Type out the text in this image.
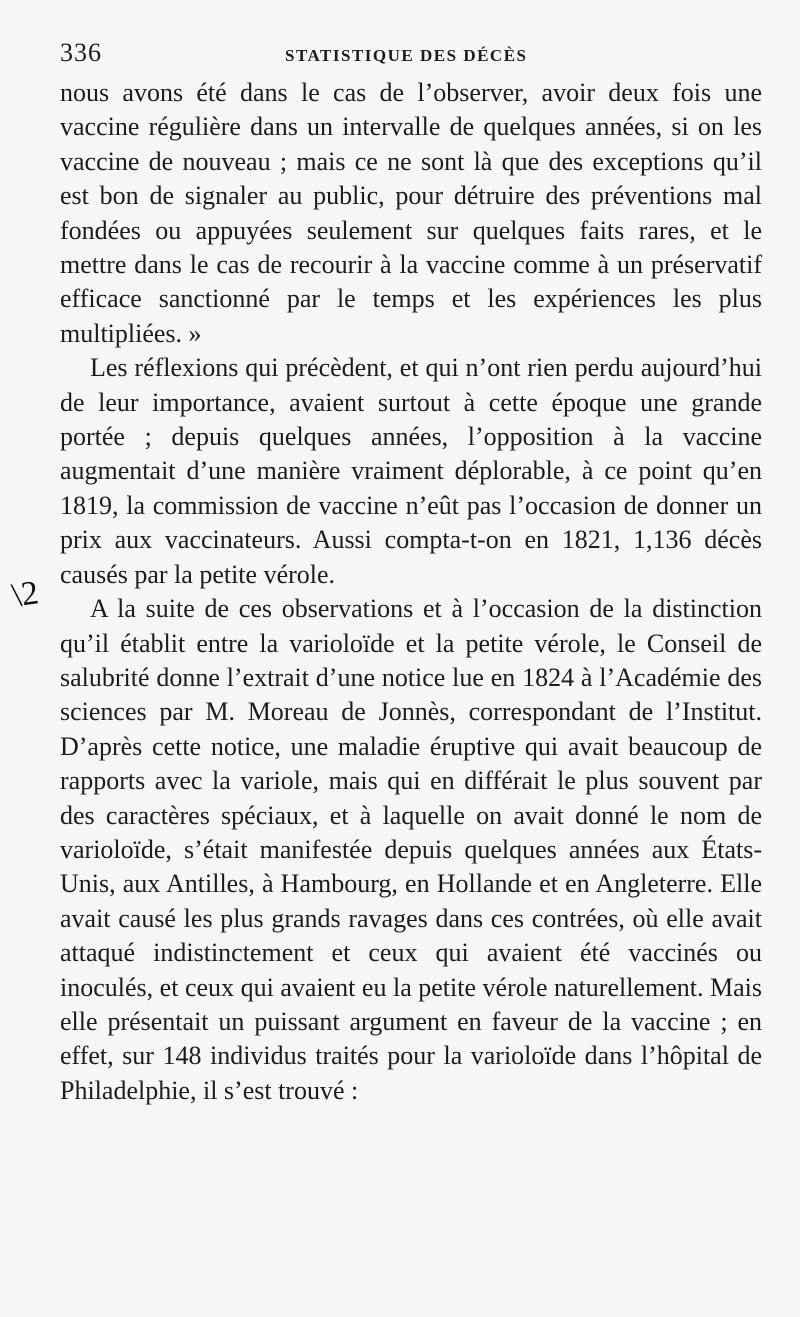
336	STATISTIQUE DES DÉCÈS
\2

nous avons été dans le cas de l’observer, avoir deux fois une vaccine régulière dans un intervalle de quelques années, si on les vaccine de nouveau ; mais ce ne sont là que des exceptions qu’il est bon de signaler au public, pour détruire des préventions mal fondées ou appuyées seulement sur quelques faits rares, et le mettre dans le cas de recourir à la vaccine comme à un préservatif efficace sanctionné par le temps et les expériences les plus multipliées. »

Les réflexions qui précèdent, et qui n’ont rien perdu aujourd’hui de leur importance, avaient surtout à cette époque une grande portée ; depuis quelques années, l’opposition à la vaccine augmentait d’une manière vraiment déplorable, à ce point qu’en 1819, la commission de vaccine n’eût pas l’occasion de donner un prix aux vaccinateurs. Aussi compta-t-on en 1821, 1,136 décès causés par la petite vérole.

A la suite de ces observations et à l’occasion de la distinction qu’il établit entre la varioloïde et la petite vérole, le Conseil de salubrité donne l’extrait d’une notice lue en 1824 à l’Académie des sciences par M. Moreau de Jonnès, correspondant de l’Institut. D’après cette notice, une maladie éruptive qui avait beaucoup de rapports avec la variole, mais qui en différait le plus souvent par des caractères spéciaux, et à laquelle on avait donné le nom de varioloïde, s’était manifestée depuis quelques années aux États-Unis, aux Antilles, à Hambourg, en Hollande et en Angleterre. Elle avait causé les plus grands ravages dans ces contrées, où elle avait attaqué indistinctement et ceux qui avaient été vaccinés ou inoculés, et ceux qui avaient eu la petite vérole naturellement. Mais elle présentait un puissant argument en faveur de la vaccine ; en effet, sur 148 individus traités pour la varioloïde dans l’hôpital de Philadelphie, il s’est trouvé :
